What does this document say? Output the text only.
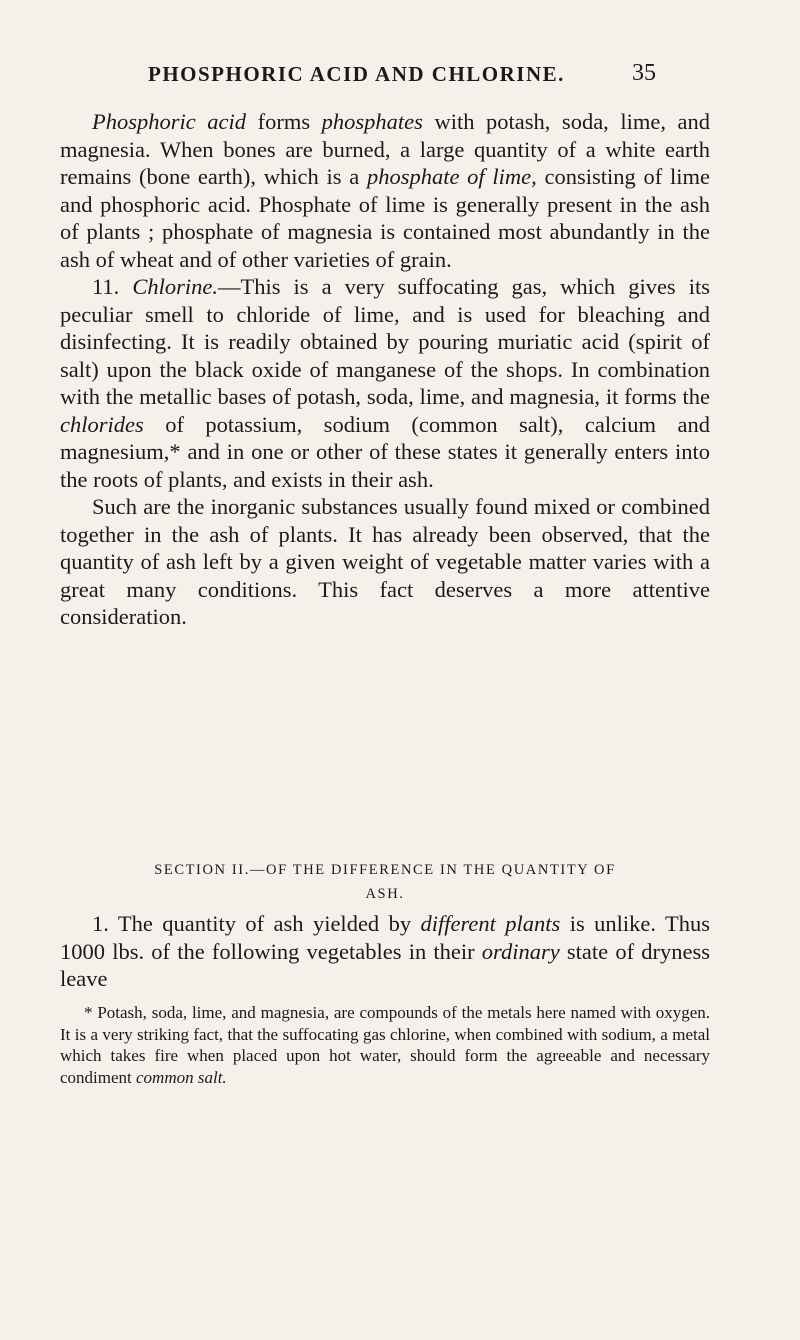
PHOSPHORIC ACID AND CHLORINE.	35

Phosphoric acid forms phosphates with potash, soda, lime, and magnesia. When bones are burned, a large quantity of a white earth remains (bone earth), which is a phosphate of lime, consisting of lime and phosphoric acid. Phosphate of lime is generally present in the ash of plants ; phosphate of magnesia is contained most abundantly in the ash of wheat and of other varieties of grain.

11. Chlorine.—This is a very suffocating gas, which gives its peculiar smell to chloride of lime, and is used for bleaching and disinfecting. It is readily obtained by pouring muriatic acid (spirit of salt) upon the black oxide of manganese of the shops. In combination with the metallic bases of potash, soda, lime, and magnesia, it forms the chlorides of potassium, sodium (common salt), calcium and magnesium,* and in one or other of these states it generally enters into the roots of plants, and exists in their ash.

Such are the inorganic substances usually found mixed or combined together in the ash of plants. It has already been observed, that the quantity of ash left by a given weight of vegetable matter varies with a great many conditions. This fact deserves a more attentive consideration.

SECTION II.—OF THE DIFFERENCE IN THE QUANTITY OF
ASH.

1. The quantity of ash yielded by different plants is unlike. Thus 1000 lbs. of the following vegetables in their ordinary state of dryness leave

* Potash, soda, lime, and magnesia, are compounds of the metals here named with oxygen. It is a very striking fact, that the suffocating gas chlorine, when combined with sodium, a metal which takes fire when placed upon hot water, should form the agreeable and necessary condiment common salt.
